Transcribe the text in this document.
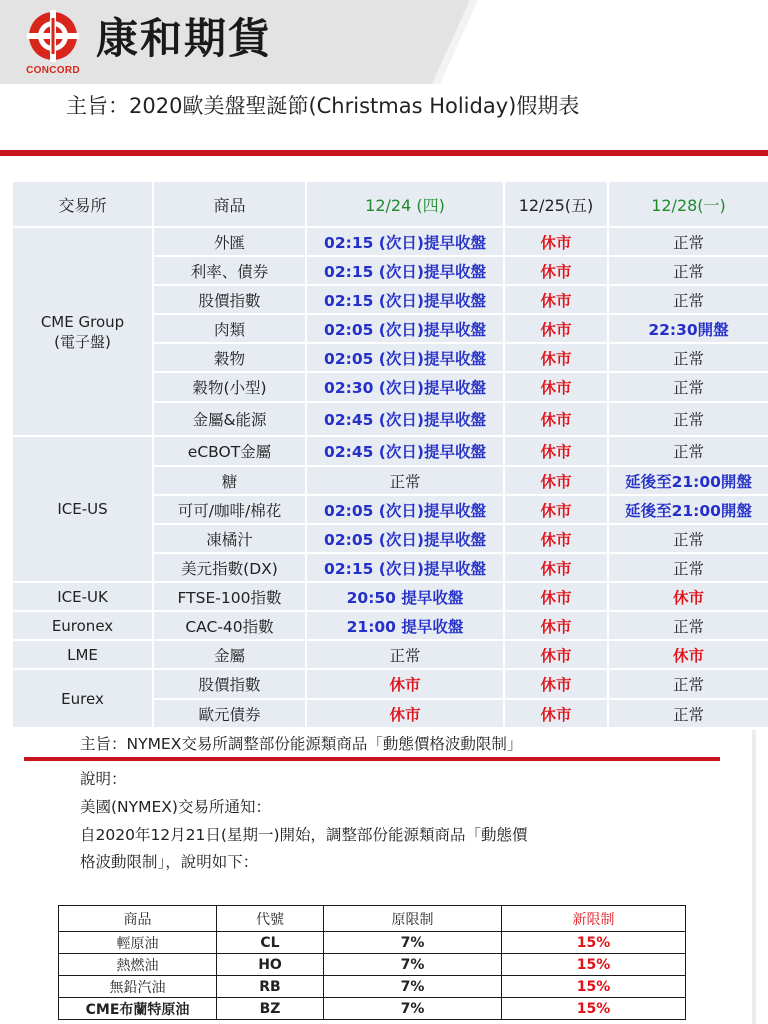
CONCORD
康和期貨
主旨：2020歐美盤聖誕節(Christmas Holiday)假期表
交易所	商品	12/24 (四)	12/25(五)	12/28(一)

CME Group
(電子盤)	外匯	02:15 (次日)提早收盤	休市	正常
	利率、債券	02:15 (次日)提早收盤	休市	正常
	股價指數	02:15 (次日)提早收盤	休市	正常
	肉類	02:05 (次日)提早收盤	休市	22:30開盤
	穀物	02:05 (次日)提早收盤	休市	正常
	穀物(小型)	02:30 (次日)提早收盤	休市	正常
	金屬&能源	02:45 (次日)提早收盤	休市	正常

ICE-US	eCBOT金屬	02:45 (次日)提早收盤	休市	正常
	糖	正常	休市	延後至21:00開盤
	可可/咖啡/棉花	02:05 (次日)提早收盤	休市	延後至21:00開盤
	凍橘汁	02:05 (次日)提早收盤	休市	正常
	美元指數(DX)	02:15 (次日)提早收盤	休市	正常

ICE-UK	FTSE-100指數	20:50 提早收盤	休市	休市

Euronex	CAC-40指數	21:00 提早收盤	休市	正常

LME	金屬	正常	休市	休市

Eurex	股價指數	休市	休市	正常
	歐元債券	休市	休市	正常
主旨：NYMEX交易所調整部份能源類商品「動態價格波動限制」
說明：
美國(NYMEX)交易所通知：
自2020年12月21日(星期一)開始，調整部份能源類商品「動態價
格波動限制」，說明如下：
商品	代號	原限制	新限制
輕原油	CL	7%	15%
熱燃油	HO	7%	15%
無鉛汽油	RB	7%	15%
CME布蘭特原油	BZ	7%	15%
